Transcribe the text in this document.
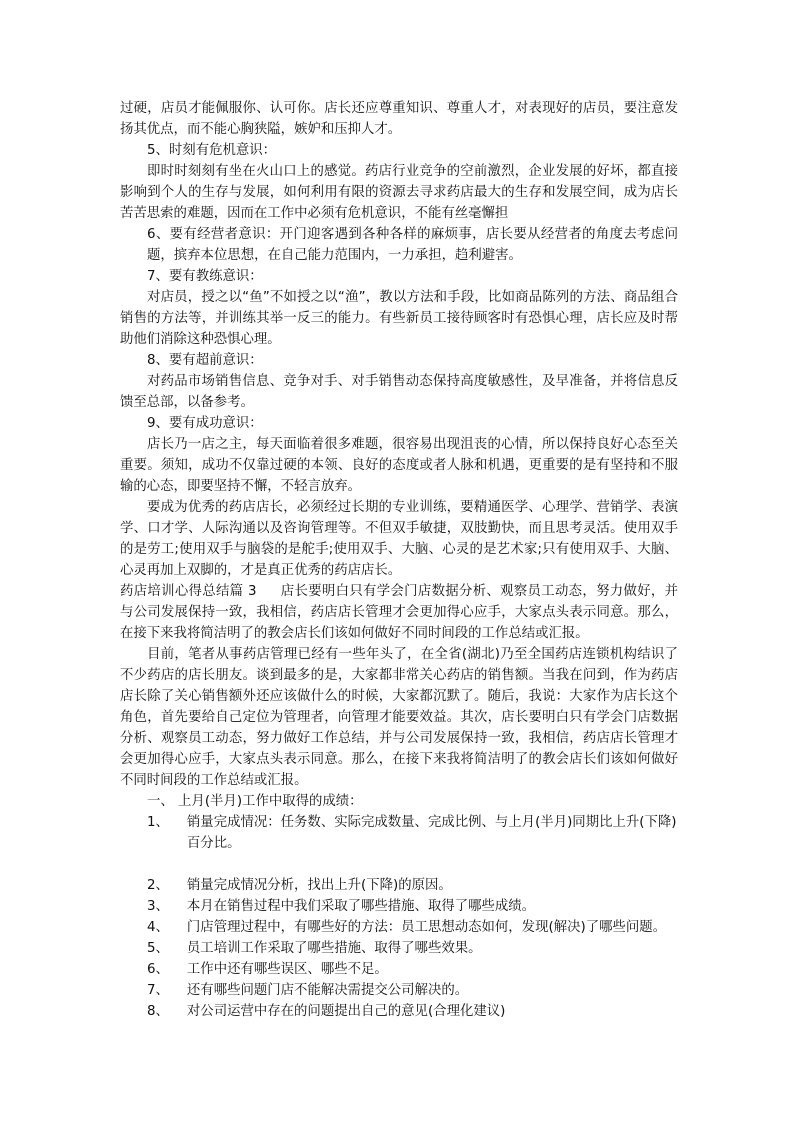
过硬，店员才能佩服你、认可你。店长还应尊重知识、尊重人才，对表现好的店员，要注意发扬其优点，而不能心胸狭隘，嫉妒和压抑人才。

5、时刻有危机意识：

即时时刻刻有坐在火山口上的感觉。药店行业竞争的空前激烈，企业发展的好坏，都直接影响到个人的生存与发展，如何利用有限的资源去寻求药店最大的生存和发展空间，成为店长苦苦思索的难题，因而在工作中必须有危机意识，不能有丝毫懈担

6、要有经营者意识：开门迎客遇到各种各样的麻烦事，店长要从经营者的角度去考虑问题，摈弃本位思想，在自己能力范围内，一力承担，趋利避害。

7、要有教练意识：

对店员，授之以“鱼”不如授之以“渔”，教以方法和手段，比如商品陈列的方法、商品组合销售的方法等，并训练其举一反三的能力。有些新员工接待顾客时有恐惧心理，店长应及时帮助他们消除这种恐惧心理。

8、要有超前意识：

对药品市场销售信息、竞争对手、对手销售动态保持高度敏感性，及早准备，并将信息反馈至总部，以备参考。

9、要有成功意识：

店长乃一店之主，每天面临着很多难题，很容易出现沮丧的心情，所以保持良好心态至关重要。须知，成功不仅靠过硬的本领、良好的态度或者人脉和机遇，更重要的是有坚持和不服输的心态，即要坚持不懈，不轻言放弃。

要成为优秀的药店店长，必须经过长期的专业训练，要精通医学、心理学、营销学、表演学、口才学、人际沟通以及咨询管理等。不但双手敏捷，双肢勤快，而且思考灵活。使用双手的是劳工;使用双手与脑袋的是舵手;使用双手、大脑、心灵的是艺术家;只有使用双手、大脑、心灵再加上双脚的，才是真正优秀的药店店长。

药店培训心得总结篇 3 店长要明白只有学会门店数据分析、观察员工动态，努力做好，并与公司发展保持一致，我相信，药店店长管理才会更加得心应手，大家点头表示同意。那么，在接下来我将简洁明了的教会店长们该如何做好不同时间段的工作总结或汇报。

目前，笔者从事药店管理已经有一些年头了，在全省(湖北)乃至全国药店连锁机构结识了不少药店的店长朋友。谈到最多的是，大家都非常关心药店的销售额。当我在问到，作为药店店长除了关心销售额外还应该做什么的时候，大家都沉默了。随后，我说：大家作为店长这个角色，首先要给自己定位为管理者，向管理才能要效益。其次，店长要明白只有学会门店数据分析、观察员工动态，努力做好工作总结，并与公司发展保持一致，我相信，药店店长管理才会更加得心应手，大家点头表示同意。那么，在接下来我将简洁明了的教会店长们该如何做好不同时间段的工作总结或汇报。

一、 上月(半月)工作中取得的成绩：

1、 销量完成情况：任务数、实际完成数量、完成比例、与上月(半月)同期比上升(下降)百分比。
2、 销量完成情况分析，找出上升(下降)的原因。
3、 本月在销售过程中我们采取了哪些措施、取得了哪些成绩。
4、 门店管理过程中，有哪些好的方法：员工思想动态如何，发现(解决)了哪些问题。
5、 员工培训工作采取了哪些措施、取得了哪些效果。
6、 工作中还有哪些误区、哪些不足。
7、 还有哪些问题门店不能解决需提交公司解决的。
8、 对公司运营中存在的问题提出自己的意见(合理化建议)
